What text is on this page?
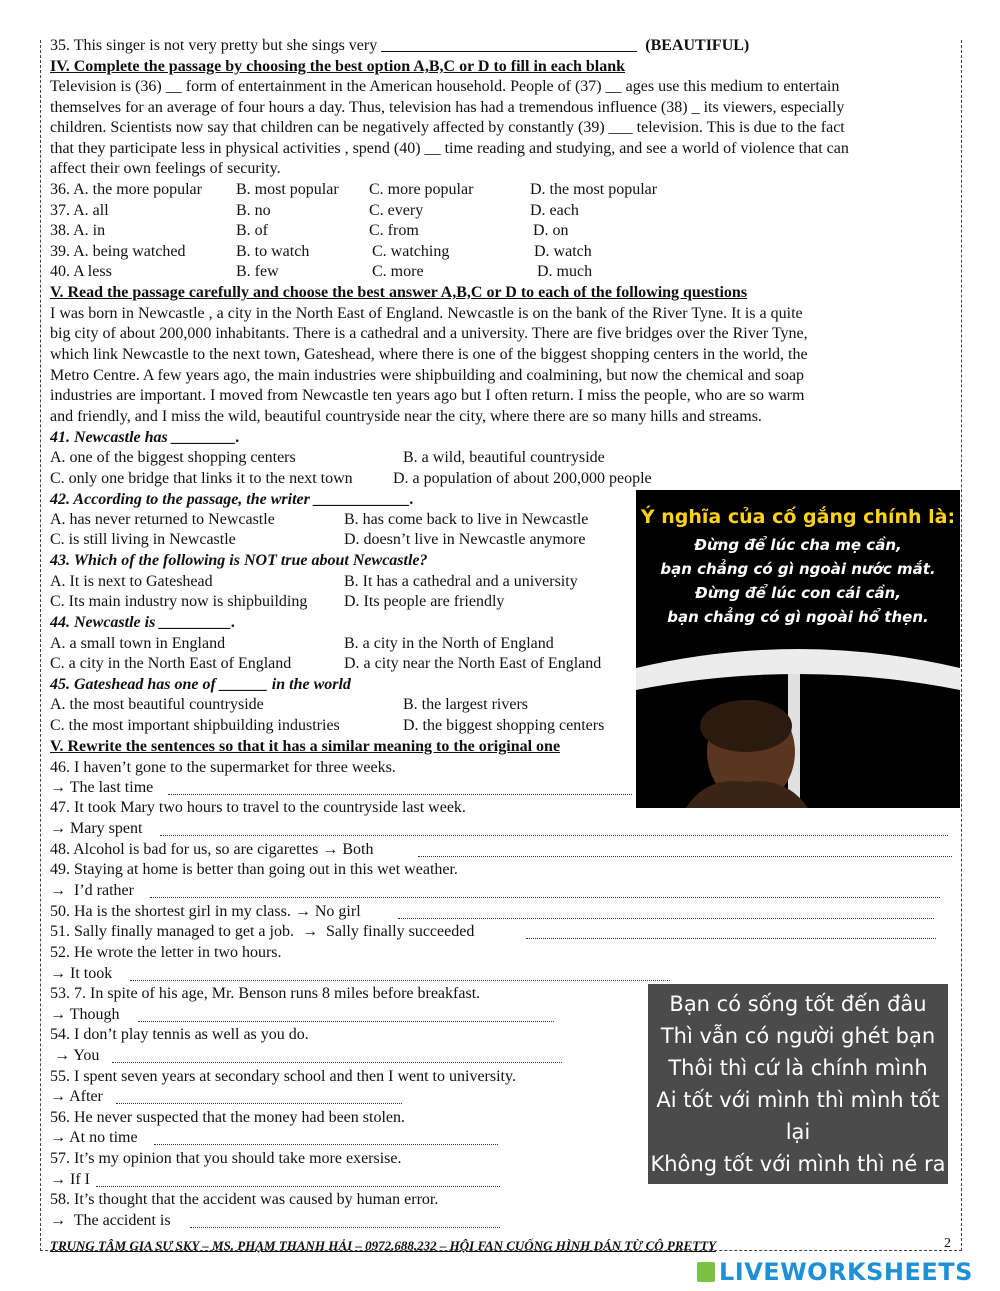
35. This singer is not very pretty but she sings very	(BEAUTIFUL)
IV. Complete the passage by choosing the best option A,B,C or D to fill in each blank
Television is (36) __ form of entertainment in the American household. People of (37) __ ages use this medium to entertain
themselves for an average of four hours a day. Thus, television has had a tremendous influence (38) _ its viewers, especially
children. Scientists now say that children can be negatively affected by constantly (39) ___ television. This is due to the fact
that they participate less in physical activities , spend (40) __ time reading and studying, and see a world of violence that can
affect their own feelings of security.
36. A. the more popular B. most popular C. more popular	D. the most popular
37. A. all	B. no	C. every	D. each
38. A. in	B. of	C. from	D. on
39. A. being watched	B. to watch	C. watching	D. watch
40. A less	B. few	C. more	D. much
V. Read the passage carefully and choose the best answer A,B,C or D to each of the following questions
I was born in Newcastle , a city in the North East of England. Newcastle is on the bank of the River Tyne. It is a quite
big city of about 200,000 inhabitants. There is a cathedral and a university. There are five bridges over the River Tyne,
which link Newcastle to the next town, Gateshead, where there is one of the biggest shopping centers in the world, the
Metro Centre. A few years ago, the main industries were shipbuilding and coalmining, but now the chemical and soap
industries are important. I moved from Newcastle ten years ago but I often return. I miss the people, who are so warm
and friendly, and I miss the wild, beautiful countryside near the city, where there are so many hills and streams.
41. Newcastle has ________.
A. one of the biggest shopping centers	B. a wild, beautiful countryside
C. only one bridge that links it to the next town	D. a population of about 200,000 people
42. According to the passage, the writer ____________.
A. has never returned to Newcastle	B. has come back to live in Newcastle
C. is still living in Newcastle	D. doesn’t live in Newcastle anymore
43. Which of the following is NOT true about Newcastle?
A. It is next to Gateshead	B. It has a cathedral and a university
C. Its main industry now is shipbuilding D. Its people are friendly
44. Newcastle is _________.
A. a small town in England	B. a city in the North of England
C. a city in the North East of England	D. a city near the North East of England
45. Gateshead has one of ______ in the world
A. the most beautiful countryside	B. the largest rivers
C. the most important shipbuilding industries	D. the biggest shopping centers
V. Rewrite the sentences so that it has a similar meaning to the original one
46. I haven’t gone to the supermarket for three weeks.
→ The last time
47. It took Mary two hours to travel to the countryside last week.
→ Mary spent
48. Alcohol is bad for us, so are cigarettes → Both
49. Staying at home is better than going out in this wet weather.
→  I’d rather
50. Ha is the shortest girl in my class. → No girl
51. Sally finally managed to get a job.  →  Sally finally succeeded
52. He wrote the letter in two hours.
→ It took
53. 7. In spite of his age, Mr. Benson runs 8 miles before breakfast.
→ Though
54. I don’t play tennis as well as you do.
→ You
55. I spent seven years at secondary school and then I went to university.
→ After
56. He never suspected that the money had been stolen.
→ At no time
57. It’s my opinion that you should take more exersise.
→ If I
58. It’s thought that the accident was caused by human error.
→  The accident is
Ý nghĩa của cố gắng chính là:
Đừng để lúc cha mẹ cần,
bạn chẳng có gì ngoài nước mắt.
Đừng để lúc con cái cần,
bạn chẳng có gì ngoài hổ thẹn.
Bạn có sống tốt đến đâu
Thì vẫn có người ghét bạn
Thôi thì cứ là chính mình
Ai tốt với mình thì mình tốt lại
Không tốt với mình thì né ra
Vậy thôi
TRUNG TÂM GIA SƯ SKY – MS. PHẠM THANH HẢI – 0972.688.232 – HỘI FAN CUỐNG HÌNH DÁN TỪ CÔ PRETTY	2
LIVEWORKSHEETS
